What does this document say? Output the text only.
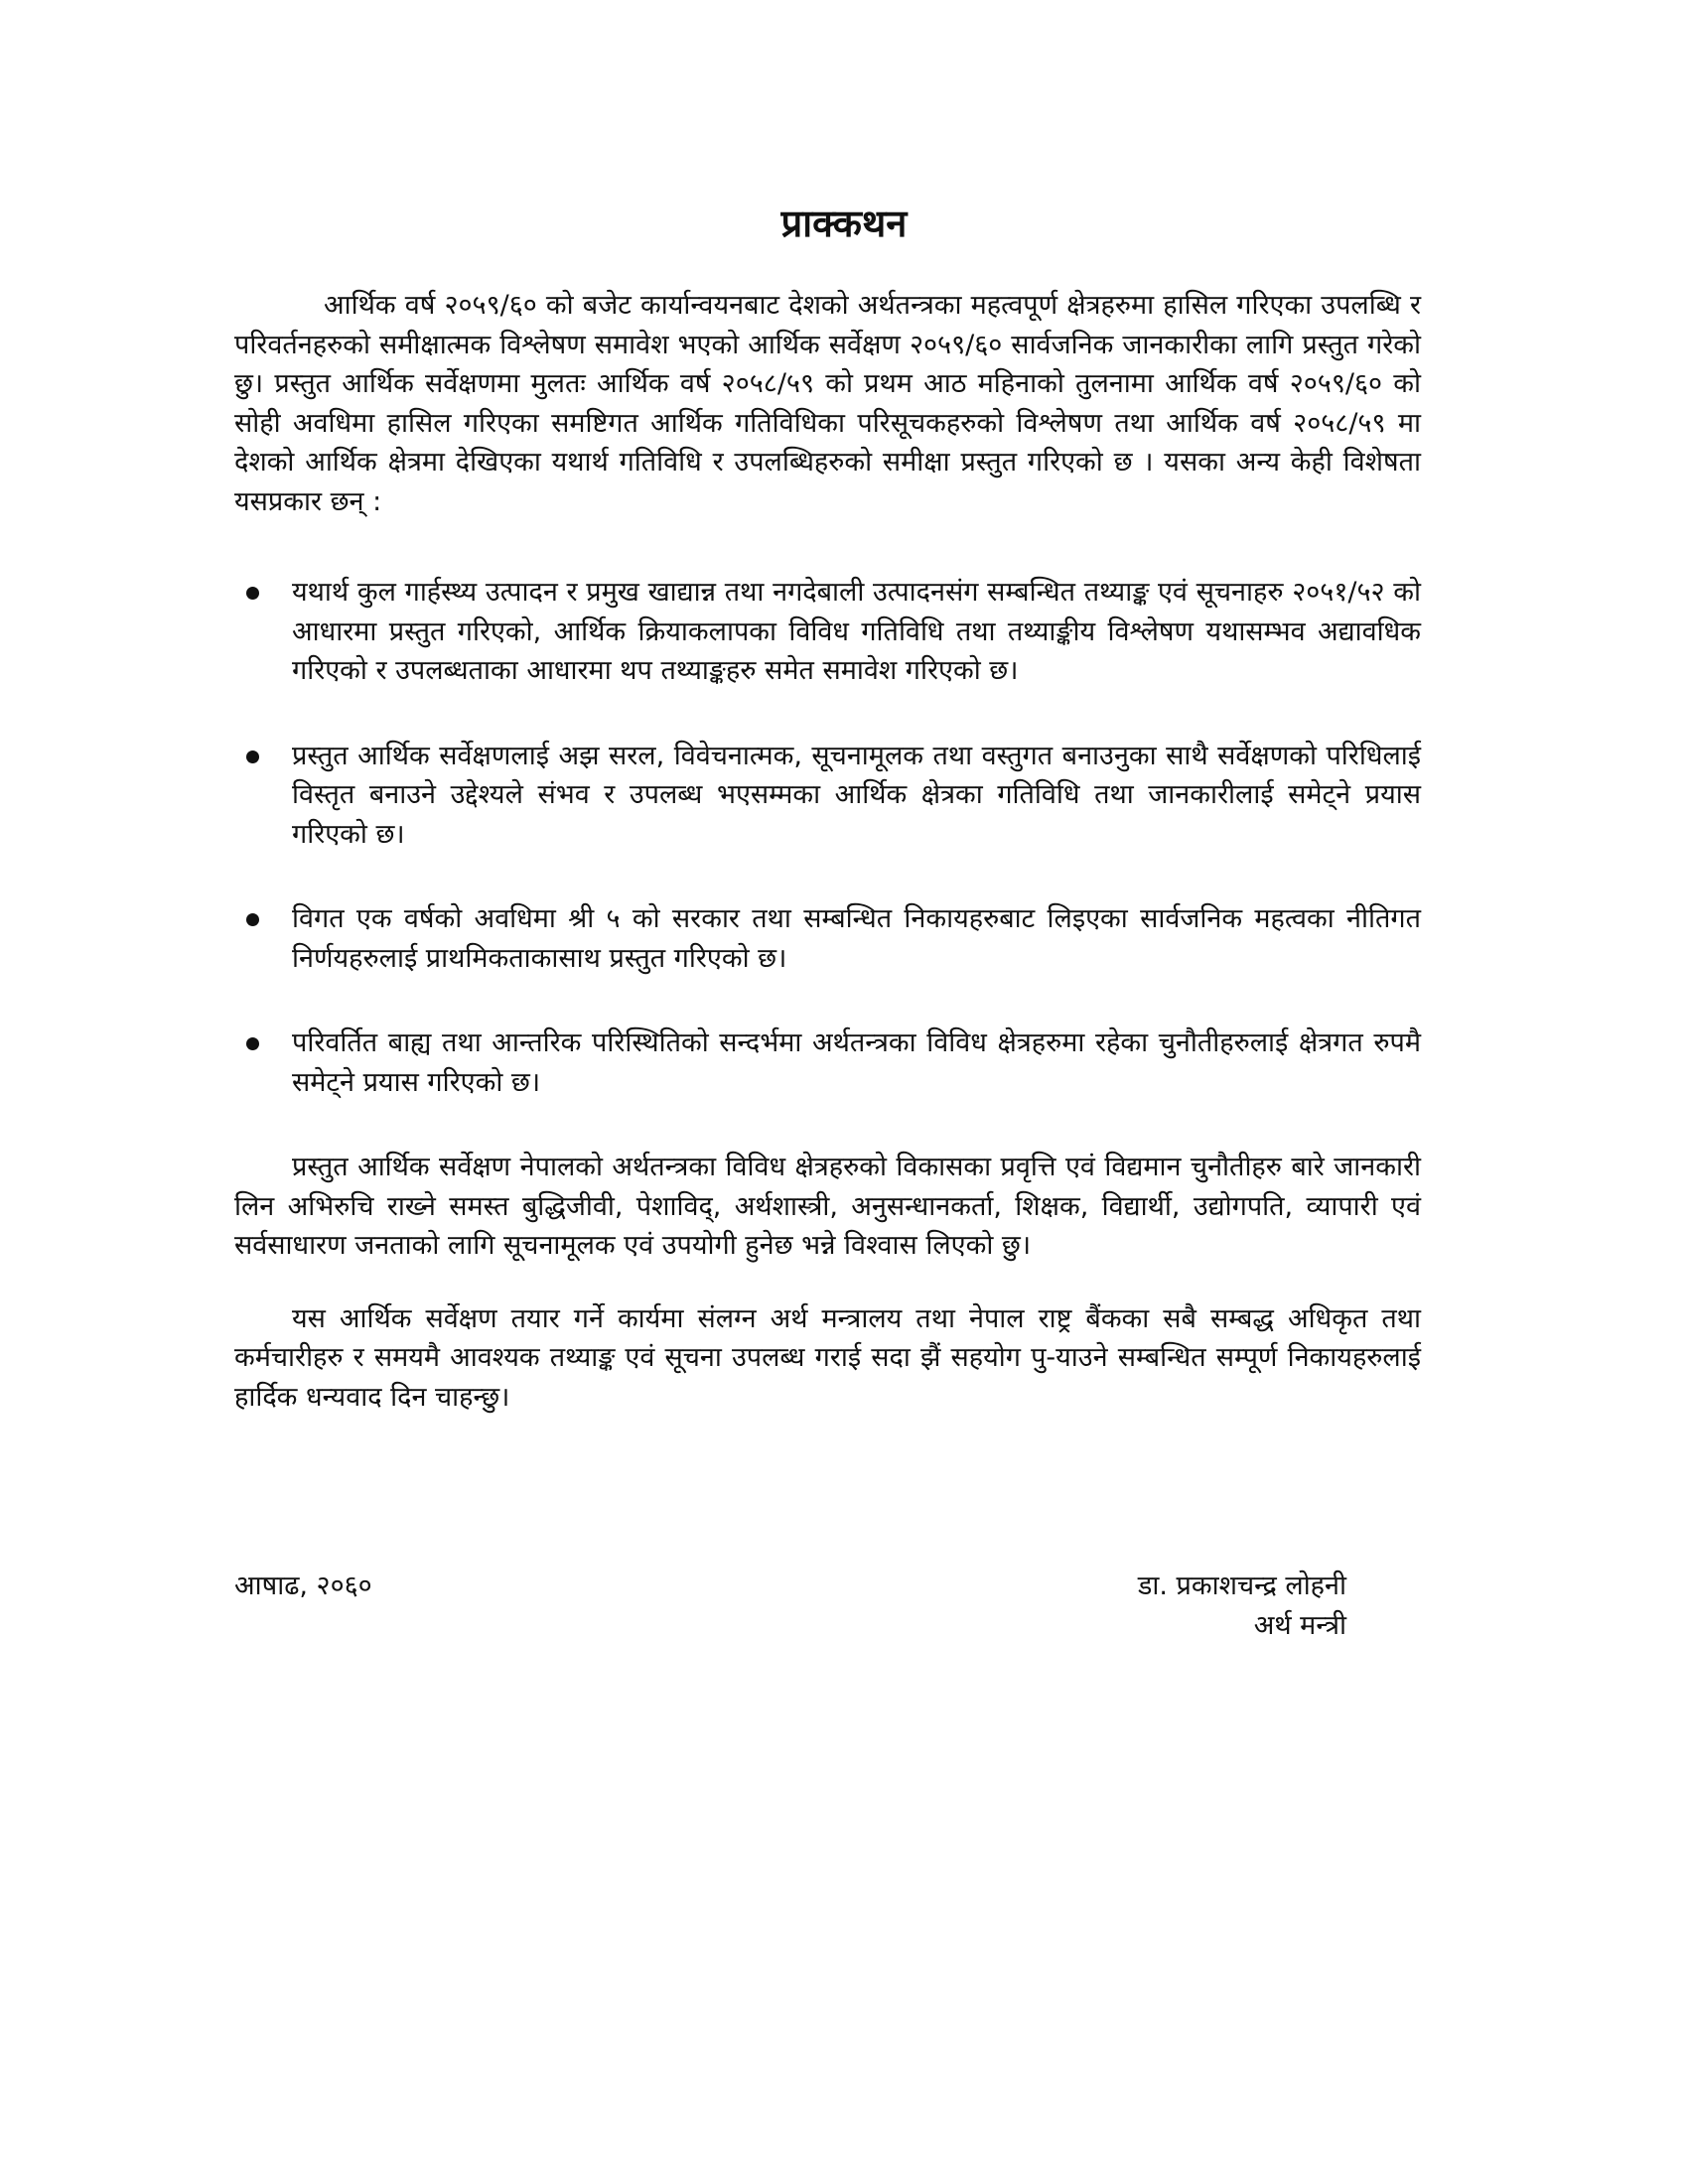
प्राक्कथन

आर्थिक वर्ष २०५९/६० को बजेट कार्यान्वयनबाट देशको अर्थतन्त्रका महत्वपूर्ण क्षेत्रहरुमा हासिल गरिएका उपलब्धि र परिवर्तनहरुको समीक्षात्मक विश्लेषण समावेश भएको आर्थिक सर्वेक्षण २०५९/६० सार्वजनिक जानकारीका लागि प्रस्तुत गरेको छु। प्रस्तुत आर्थिक सर्वेक्षणमा मुलतः आर्थिक वर्ष २०५८/५९ को प्रथम आठ महिनाको तुलनामा आर्थिक वर्ष २०५९/६० को सोही अवधिमा हासिल गरिएका समष्टिगत आर्थिक गतिविधिका परिसूचकहरुको विश्लेषण तथा आर्थिक वर्ष २०५८/५९ मा देशको आर्थिक क्षेत्रमा देखिएका यथार्थ गतिविधि र उपलब्धिहरुको समीक्षा प्रस्तुत गरिएको छ । यसका अन्य केही विशेषता यसप्रकार छन् :

यथार्थ कुल गार्हस्थ्य उत्पादन र प्रमुख खाद्यान्न तथा नगदेबाली उत्पादनसंग सम्बन्धित तथ्याङ्क एवं सूचनाहरु २०५१/५२ को आधारमा प्रस्तुत गरिएको, आर्थिक क्रियाकलापका विविध गतिविधि तथा तथ्याङ्कीय विश्लेषण यथासम्भव अद्यावधिक गरिएको र उपलब्धताका आधारमा थप तथ्याङ्कहरु समेत समावेश गरिएको छ।
प्रस्तुत आर्थिक सर्वेक्षणलाई अझ सरल, विवेचनात्मक, सूचनामूलक तथा वस्तुगत बनाउनुका साथै सर्वेक्षणको परिधिलाई विस्तृत बनाउने उद्देश्यले संभव र उपलब्ध भएसम्मका आर्थिक क्षेत्रका गतिविधि तथा जानकारीलाई समेट्ने प्रयास गरिएको छ।
विगत एक वर्षको अवधिमा श्री ५ को सरकार तथा सम्बन्धित निकायहरुबाट लिइएका सार्वजनिक महत्वका नीतिगत निर्णयहरुलाई प्राथमिकताकासाथ प्रस्तुत गरिएको छ।
परिवर्तित बाह्य तथा आन्तरिक परिस्थितिको सन्दर्भमा अर्थतन्त्रका विविध क्षेत्रहरुमा रहेका चुनौतीहरुलाई क्षेत्रगत रुपमै समेट्ने प्रयास गरिएको छ।

प्रस्तुत आर्थिक सर्वेक्षण नेपालको अर्थतन्त्रका विविध क्षेत्रहरुको विकासका प्रवृत्ति एवं विद्यमान चुनौतीहरु बारे जानकारी लिन अभिरुचि राख्ने समस्त बुद्धिजीवी, पेशाविद्, अर्थशास्त्री, अनुसन्धानकर्ता, शिक्षक, विद्यार्थी, उद्योगपति, व्यापारी एवं सर्वसाधारण जनताको लागि सूचनामूलक एवं उपयोगी हुनेछ भन्ने विश्वास लिएको छु।

यस आर्थिक सर्वेक्षण तयार गर्ने कार्यमा संलग्न अर्थ मन्त्रालय तथा नेपाल राष्ट्र बैंकका सबै सम्बद्ध अधिकृत तथा कर्मचारीहरु र समयमै आवश्यक तथ्याङ्क एवं सूचना उपलब्ध गराई सदा झैं सहयोग पु-याउने सम्बन्धित सम्पूर्ण निकायहरुलाई हार्दिक धन्यवाद दिन चाहन्छु।

आषाढ, २०६०	डा. प्रकाशचन्द्र लोहनी
अर्थ मन्त्री
